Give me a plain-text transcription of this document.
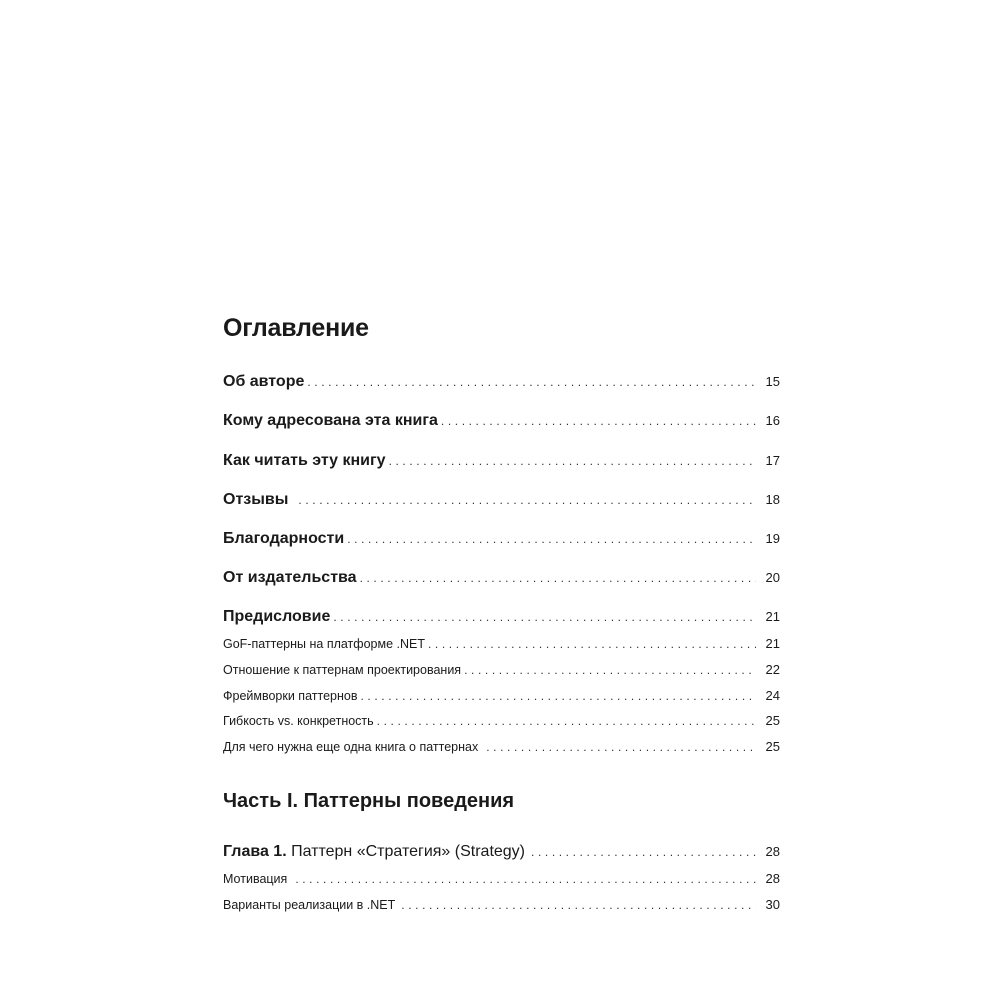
Оглавление
Об авторе .....	15
Кому адресована эта книга .....	16
Как читать эту книгу .....	17
Отзывы .....	18
Благодарности .....	19
От издательства .....	20
Предисловие .....	21
GoF-паттерны на платформе .NET .....	21
Отношение к паттернам проектирования .....	22
Фреймворки паттернов .....	24
Гибкость vs. конкретность .....	25
Для чего нужна еще одна книга о паттернах .....	25
Часть I. Паттерны поведения
Глава 1. Паттерн «Стратегия» (Strategy) .....	28
Мотивация .....	28
Варианты реализации в .NET .....	30
